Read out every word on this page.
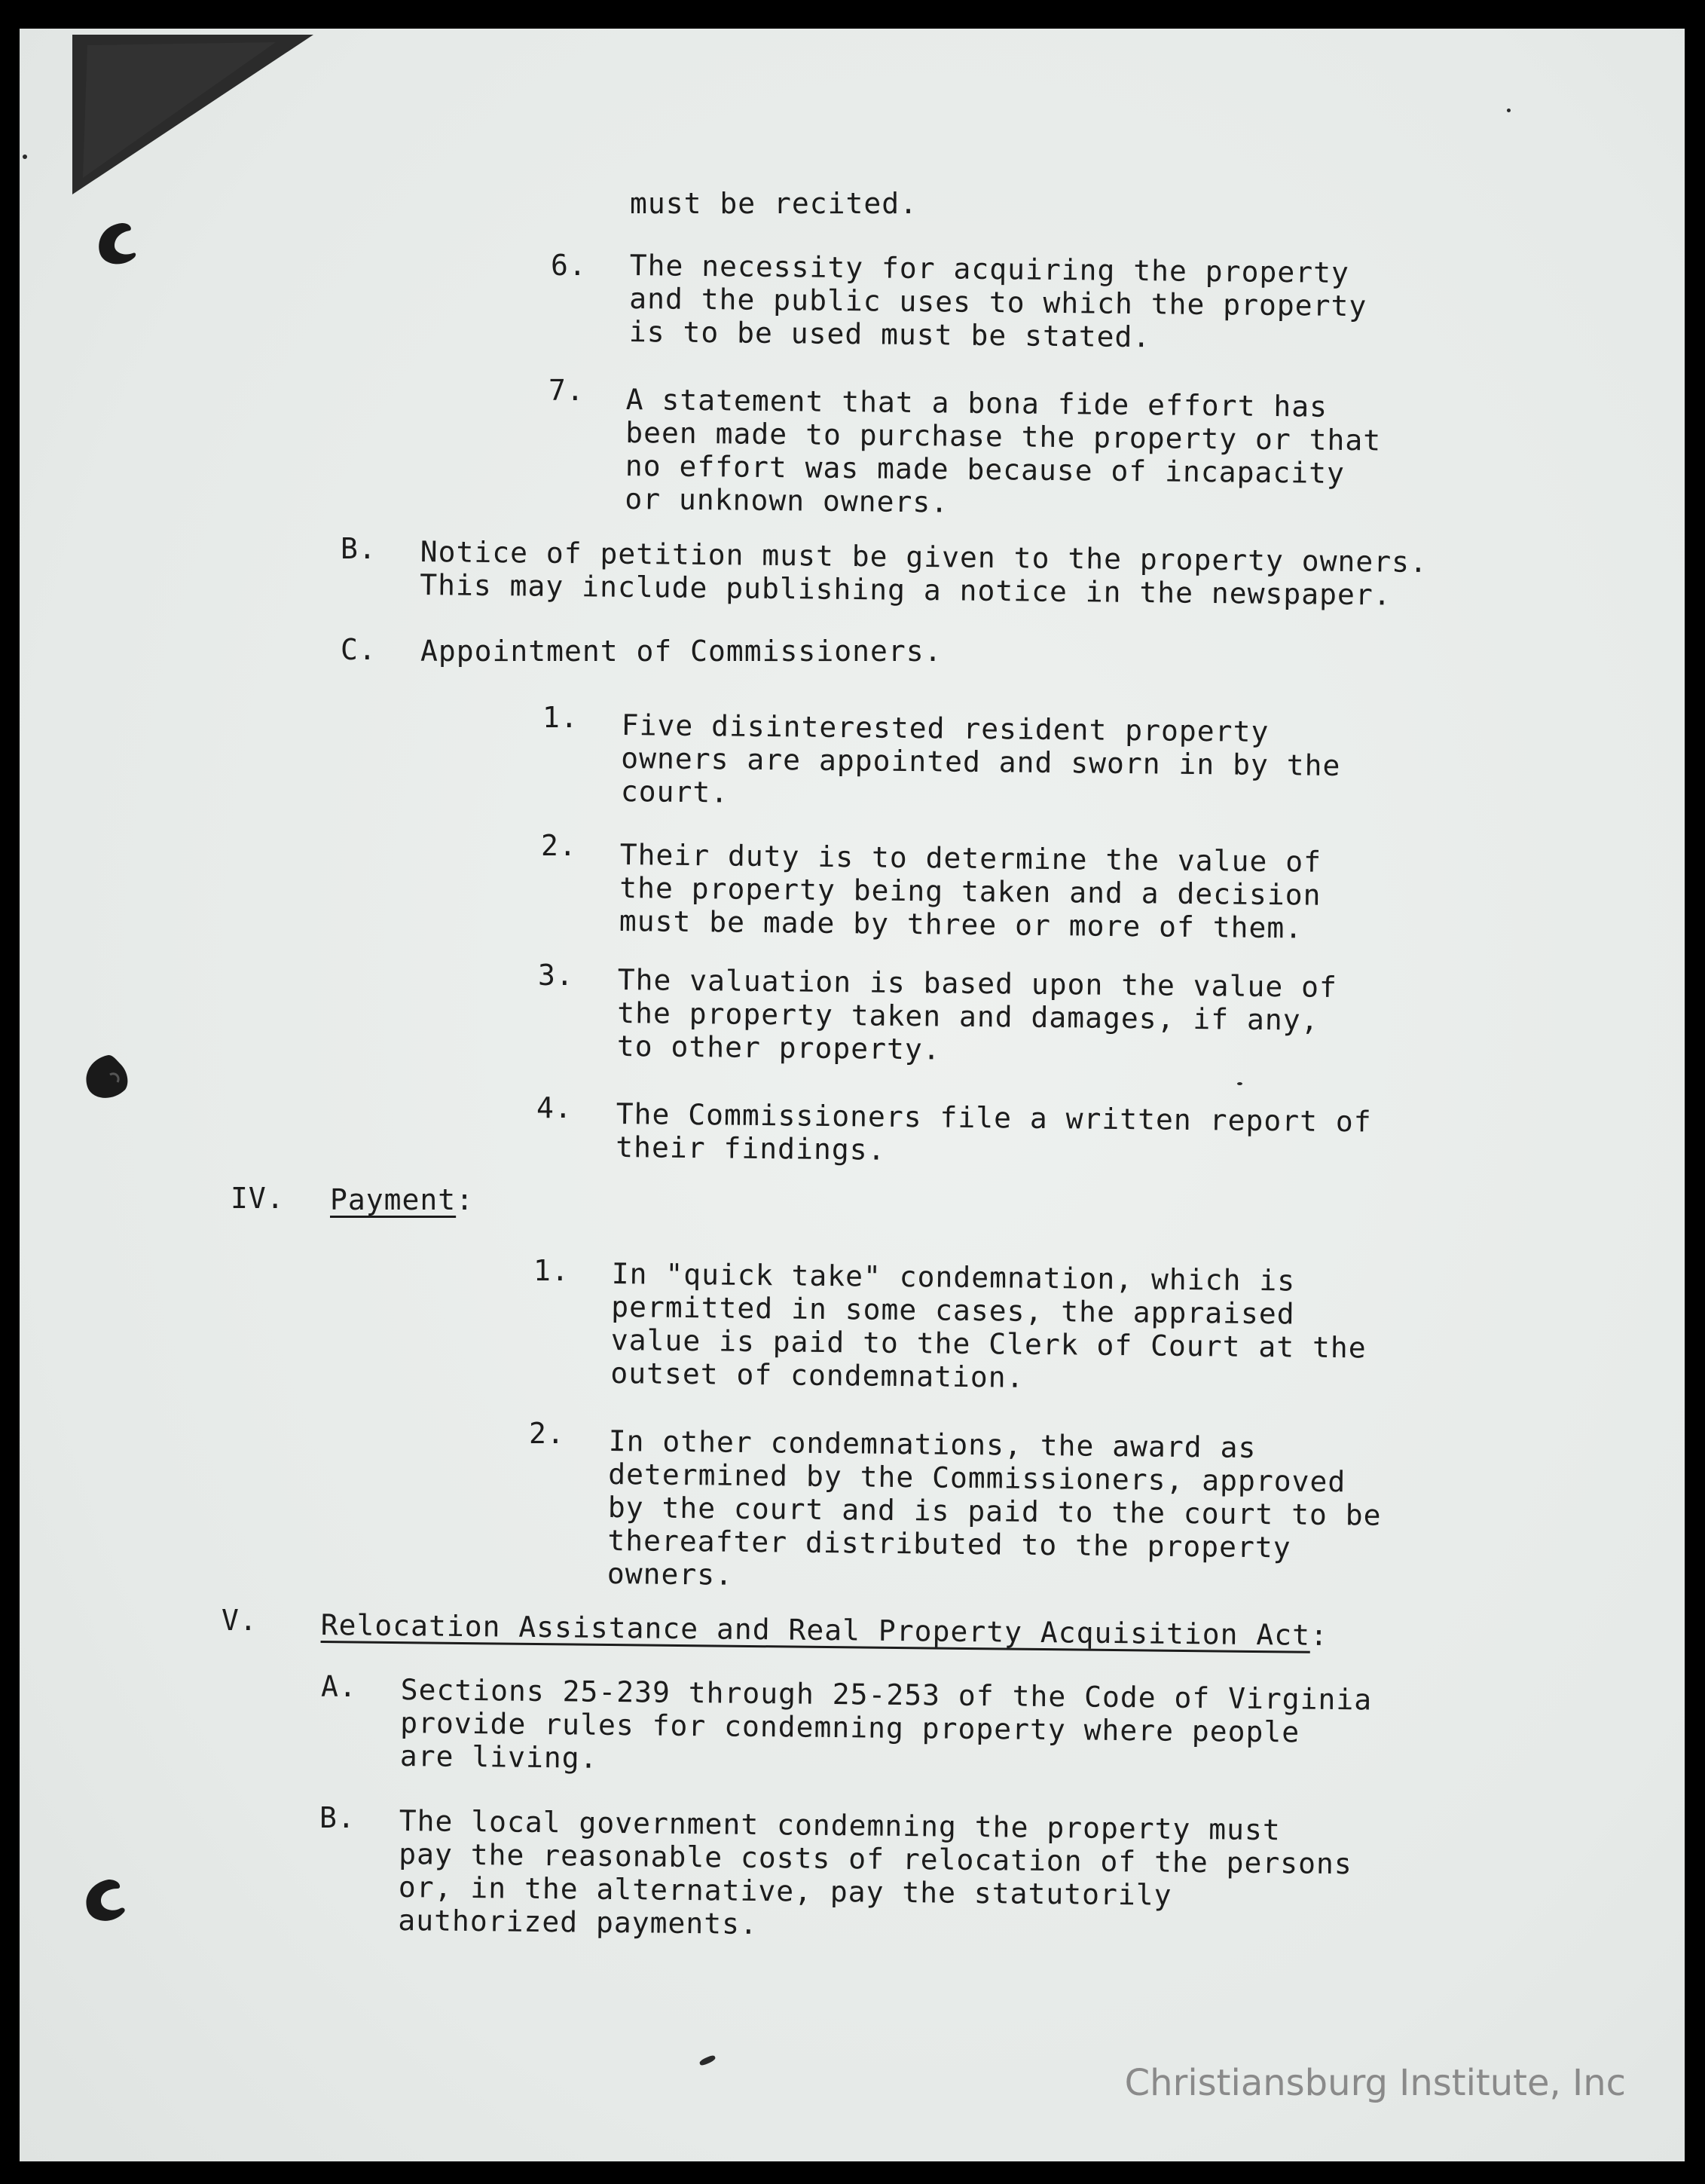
must be recited.
6. The necessity for acquiring the property
and the public uses to which the property
is to be used must be stated.
7. A statement that a bona fide effort has
been made to purchase the property or that
no effort was made because of incapacity
or unknown owners.
B. Notice of petition must be given to the property owners.
This may include publishing a notice in the newspaper.
C. Appointment of Commissioners.
1. Five disinterested resident property
owners are appointed and sworn in by the
court.
2. Their duty is to determine the value of
the property being taken and a decision
must be made by three or more of them.
3. The valuation is based upon the value of
the property taken and damages, if any,
to other property.
4. The Commissioners file a written report of
their findings.
IV. Payment:
1. In "quick take" condemnation, which is
permitted in some cases, the appraised
value is paid to the Clerk of Court at the
outset of condemnation.
2. In other condemnations, the award as
determined by the Commissioners, approved
by the court and is paid to the court to be
thereafter distributed to the property
owners.
V. Relocation Assistance and Real Property Acquisition Act:
A. Sections 25-239 through 25-253 of the Code of Virginia
provide rules for condemning property where people
are living.
B. The local government condemning the property must
pay the reasonable costs of relocation of the persons
or, in the alternative, pay the statutorily
authorized payments.
Christiansburg Institute, Inc
